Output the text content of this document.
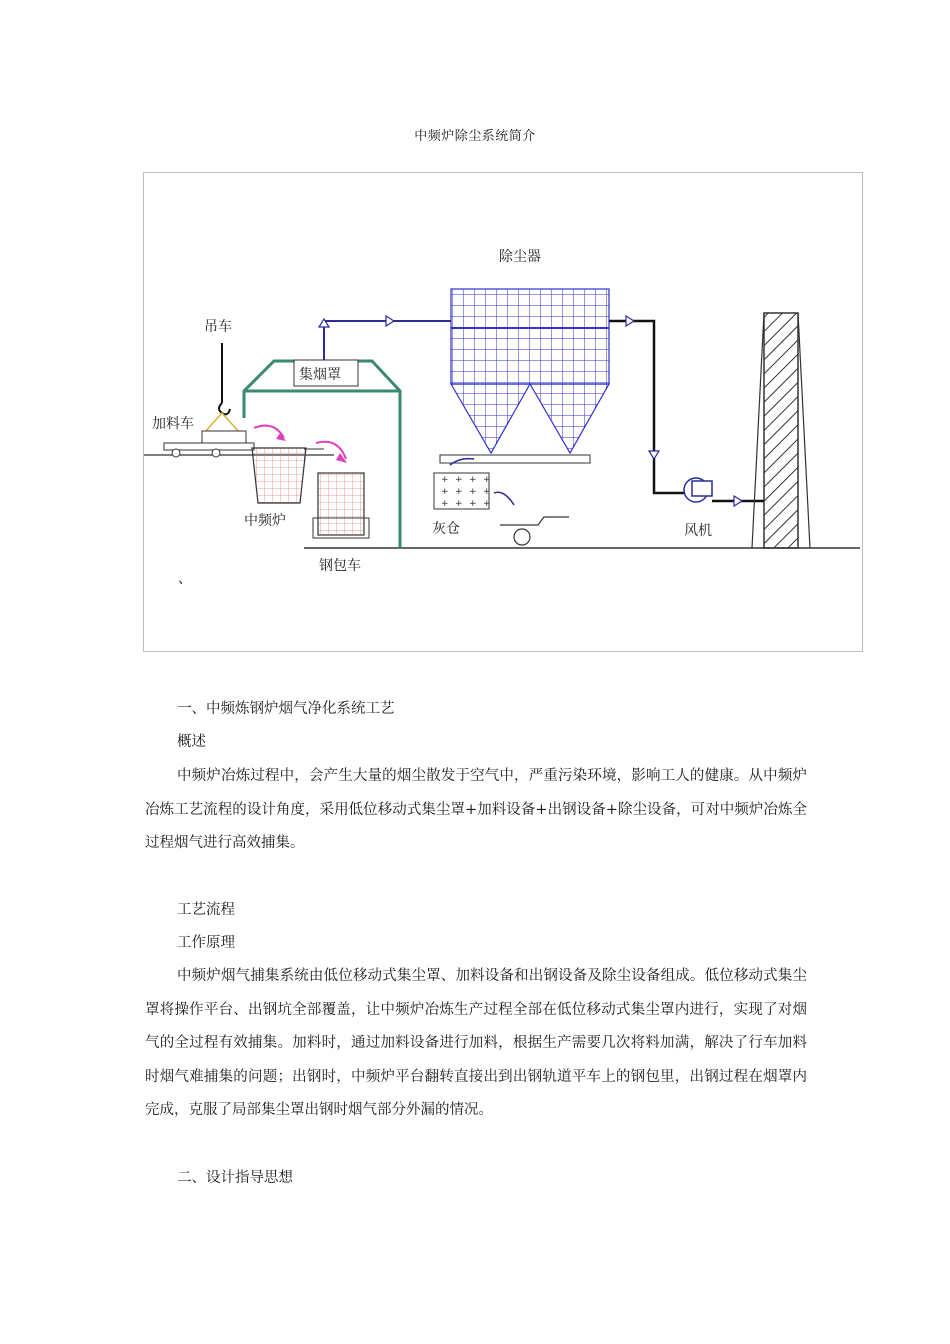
中频炉除尘系统简介
除尘器
风机
集烟罩
吊车
加料车
中频炉
钢包车
灰仓
、
一、中频炼钢炉烟气净化系统工艺
概述
中频炉冶炼过程中，会产生大量的烟尘散发于空气中，严重污染环境，影响工人的健康。从中频炉冶炼工艺流程的设计角度，采用低位移动式集尘罩+加料设备+出钢设备+除尘设备，可对中频炉冶炼全过程烟气进行高效捕集。
工艺流程
工作原理
中频炉烟气捕集系统由低位移动式集尘罩、加料设备和出钢设备及除尘设备组成。低位移动式集尘罩将操作平台、出钢坑全部覆盖，让中频炉冶炼生产过程全部在低位移动式集尘罩内进行，实现了对烟气的全过程有效捕集。加料时，通过加料设备进行加料，根据生产需要几次将料加满，解决了行车加料时烟气难捕集的问题；出钢时，中频炉平台翻转直接出到出钢轨道平车上的钢包里，出钢过程在烟罩内完成，克服了局部集尘罩出钢时烟气部分外漏的情况。
二、设计指导思想
